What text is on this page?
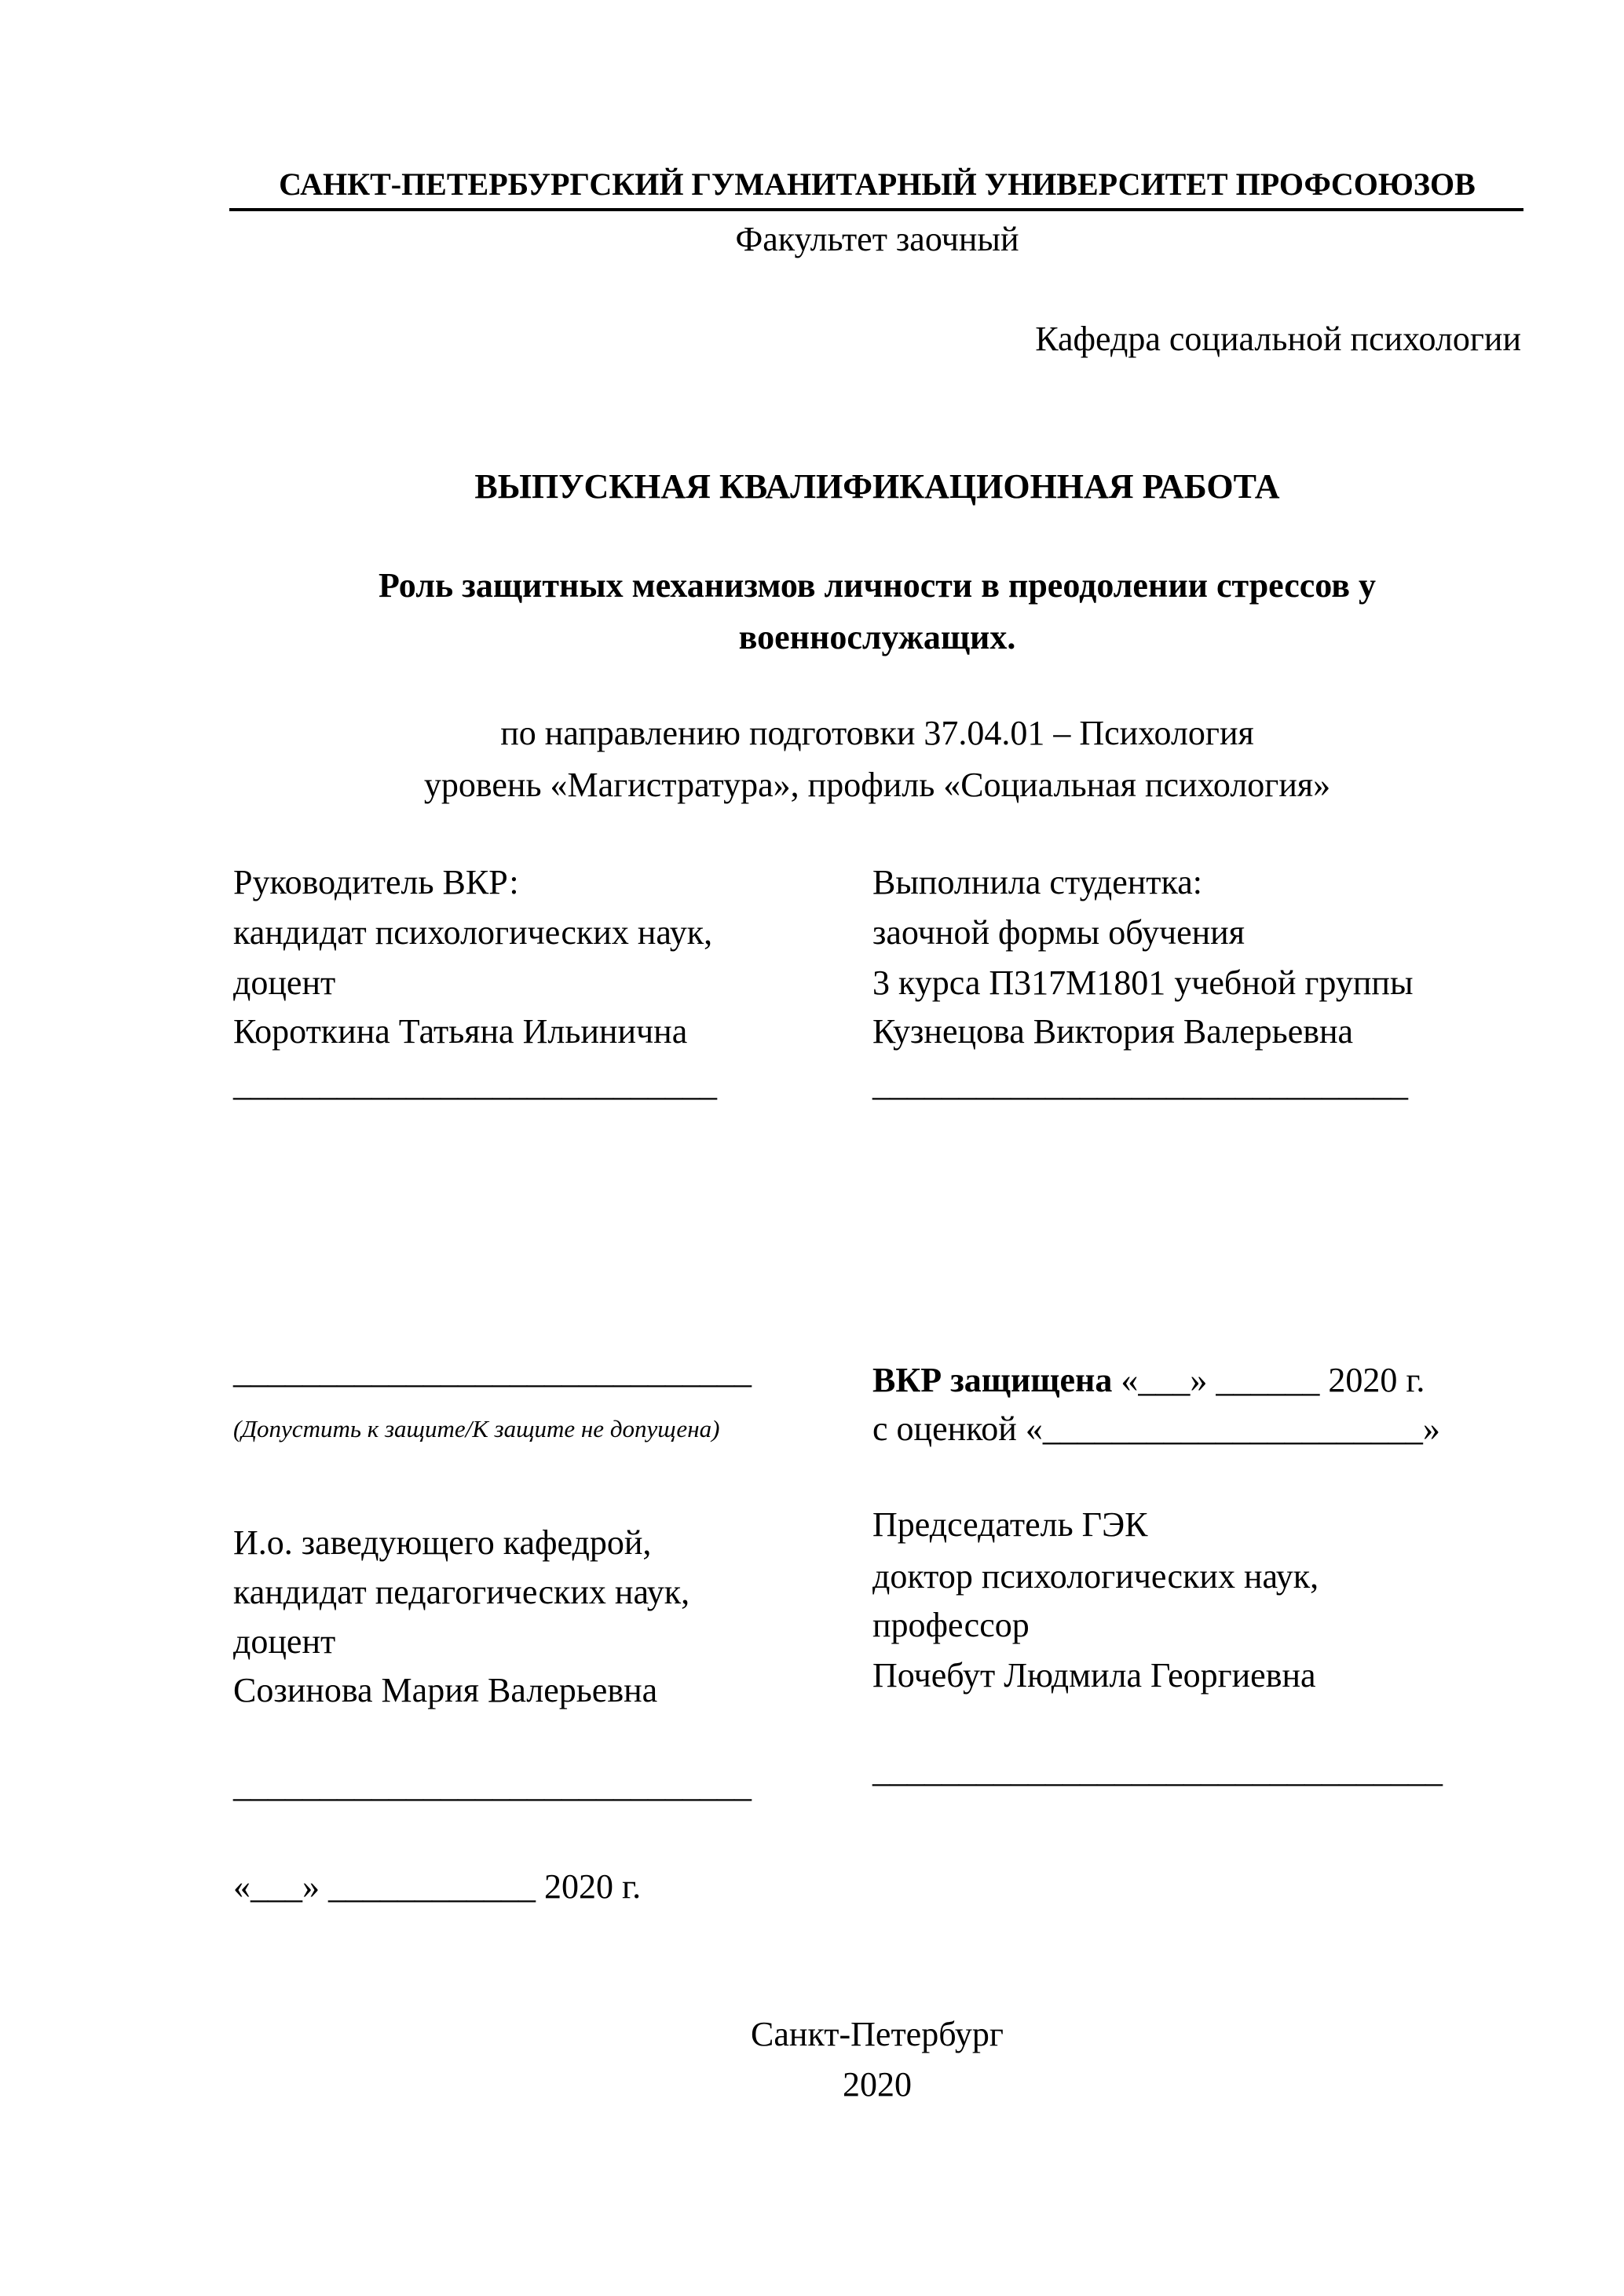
САНКТ-ПЕТЕРБУРГСКИЙ ГУМАНИТАРНЫЙ УНИВЕРСИТЕТ ПРОФСОЮЗОВ
Факультет заочный
Кафедра социальной психологии
ВЫПУСКНАЯ КВАЛИФИКАЦИОННАЯ РАБОТА
Роль защитных механизмов личности в преодолении стрессов у
военнослужащих.
по направлению подготовки 37.04.01 – Психология
уровень «Магистратура», профиль «Социальная психология»
Руководитель ВКР:
кандидат психологических наук,
доцент
Короткина Татьяна Ильинична
____________________________
Выполнила студентка:
заочной формы обучения
3 курса П317М1801 учебной группы
Кузнецова Виктория Валерьевна
_______________________________
______________________________
(Допустить к защите/К защите не допущена)
ВКР защищена «___» ______ 2020 г.
с оценкой «______________________»
И.о. заведующего кафедрой,
кандидат педагогических наук,
доцент
Созинова Мария Валерьевна
______________________________
«___» ____________ 2020 г.
Председатель ГЭК
доктор психологических наук,
профессор
Почебут Людмила Георгиевна
_________________________________
Санкт-Петербург
2020
